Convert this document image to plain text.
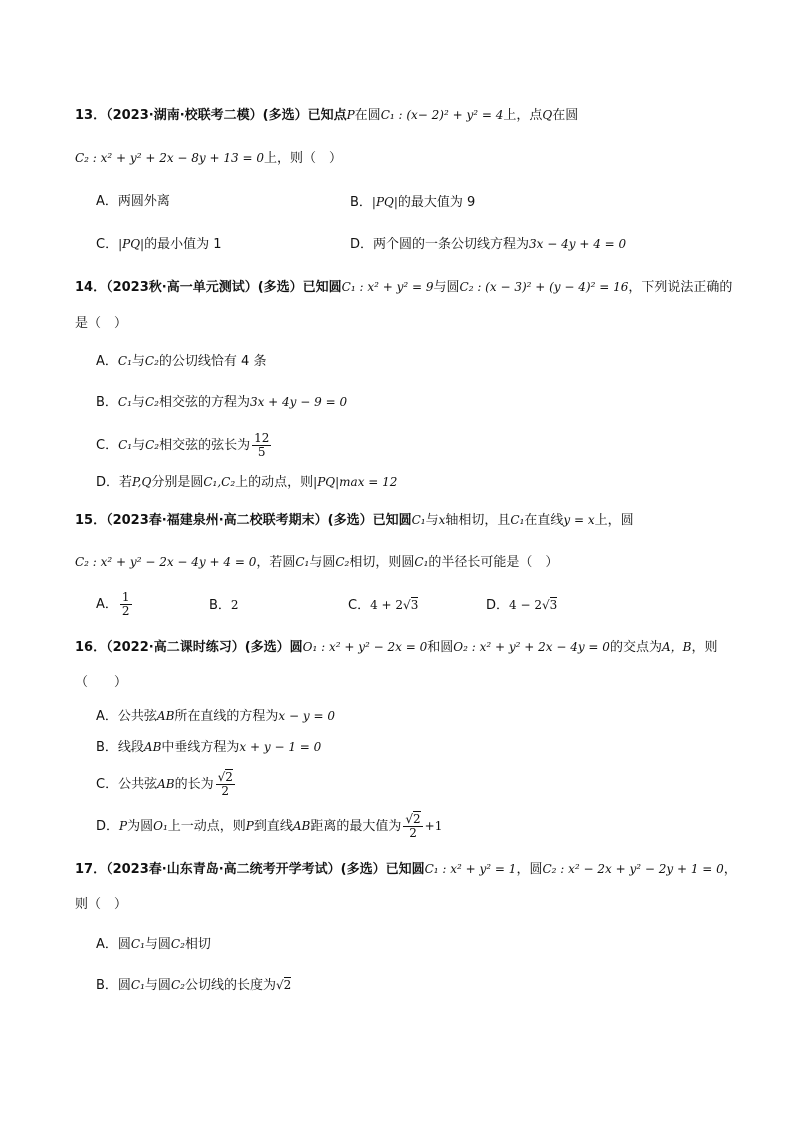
13．（2023·湖南·校联考二模）(多选）已知点P在圆C₁ : (x− 2)² + y² = 4上，点Q在圆
C₂ : x² + y² + 2x − 8y + 13 = 0上，则（　）
A．两圆外离	B．|PQ|的最大值为 9
C．|PQ|的最小值为 1	D．两个圆的一条公切线方程为3x − 4y + 4 = 0
14．（2023秋·高一单元测试）(多选）已知圆C₁ : x² + y² = 9与圆C₂ : (x − 3)² + (y − 4)² = 16，下列说法正确的
是（　）
A．C₁与C₂的公切线恰有 4 条
B．C₁与C₂相交弦的方程为3x + 4y − 9 = 0
C．C₁与C₂相交弦的弦长为 $\frac{12}{5}$
D．若P,Q分别是圆C₁,C₂上的动点，则|PQ|max = 12
15．（2023春·福建泉州·高二校联考期末）(多选）已知圆C₁与x轴相切，且C₁在直线y = x上，圆
C₂ : x² + y² − 2x − 4y + 4 = 0，若圆C₁与圆C₂相切，则圆C₁的半径长可能是（　）
A． $\frac{1}{2}$	B．2	C．4 + 2√3	D．4 − 2√3
16．（2022·高二课时练习）(多选）圆O₁ : x² + y² − 2x = 0和圆O₂ : x² + y² + 2x − 4y = 0的交点为A，B，则
（　　）
A．公共弦AB所在直线的方程为x − y = 0
B．线段AB中垂线方程为x + y − 1 = 0
C．公共弦AB的长为 $\frac{√2}{2}$
D．P为圆O₁上一动点，则P到直线AB距离的最大值为 $\frac{√2}{2} +1$
17．（2023春·山东青岛·高二统考开学考试）(多选）已知圆C₁ : x² + y² = 1，圆C₂ : x² − 2x + y² − 2y + 1 = 0，
则（　）
A．圆C₁与圆C₂相切
B．圆C₁与圆C₂公切线的长度为√2
